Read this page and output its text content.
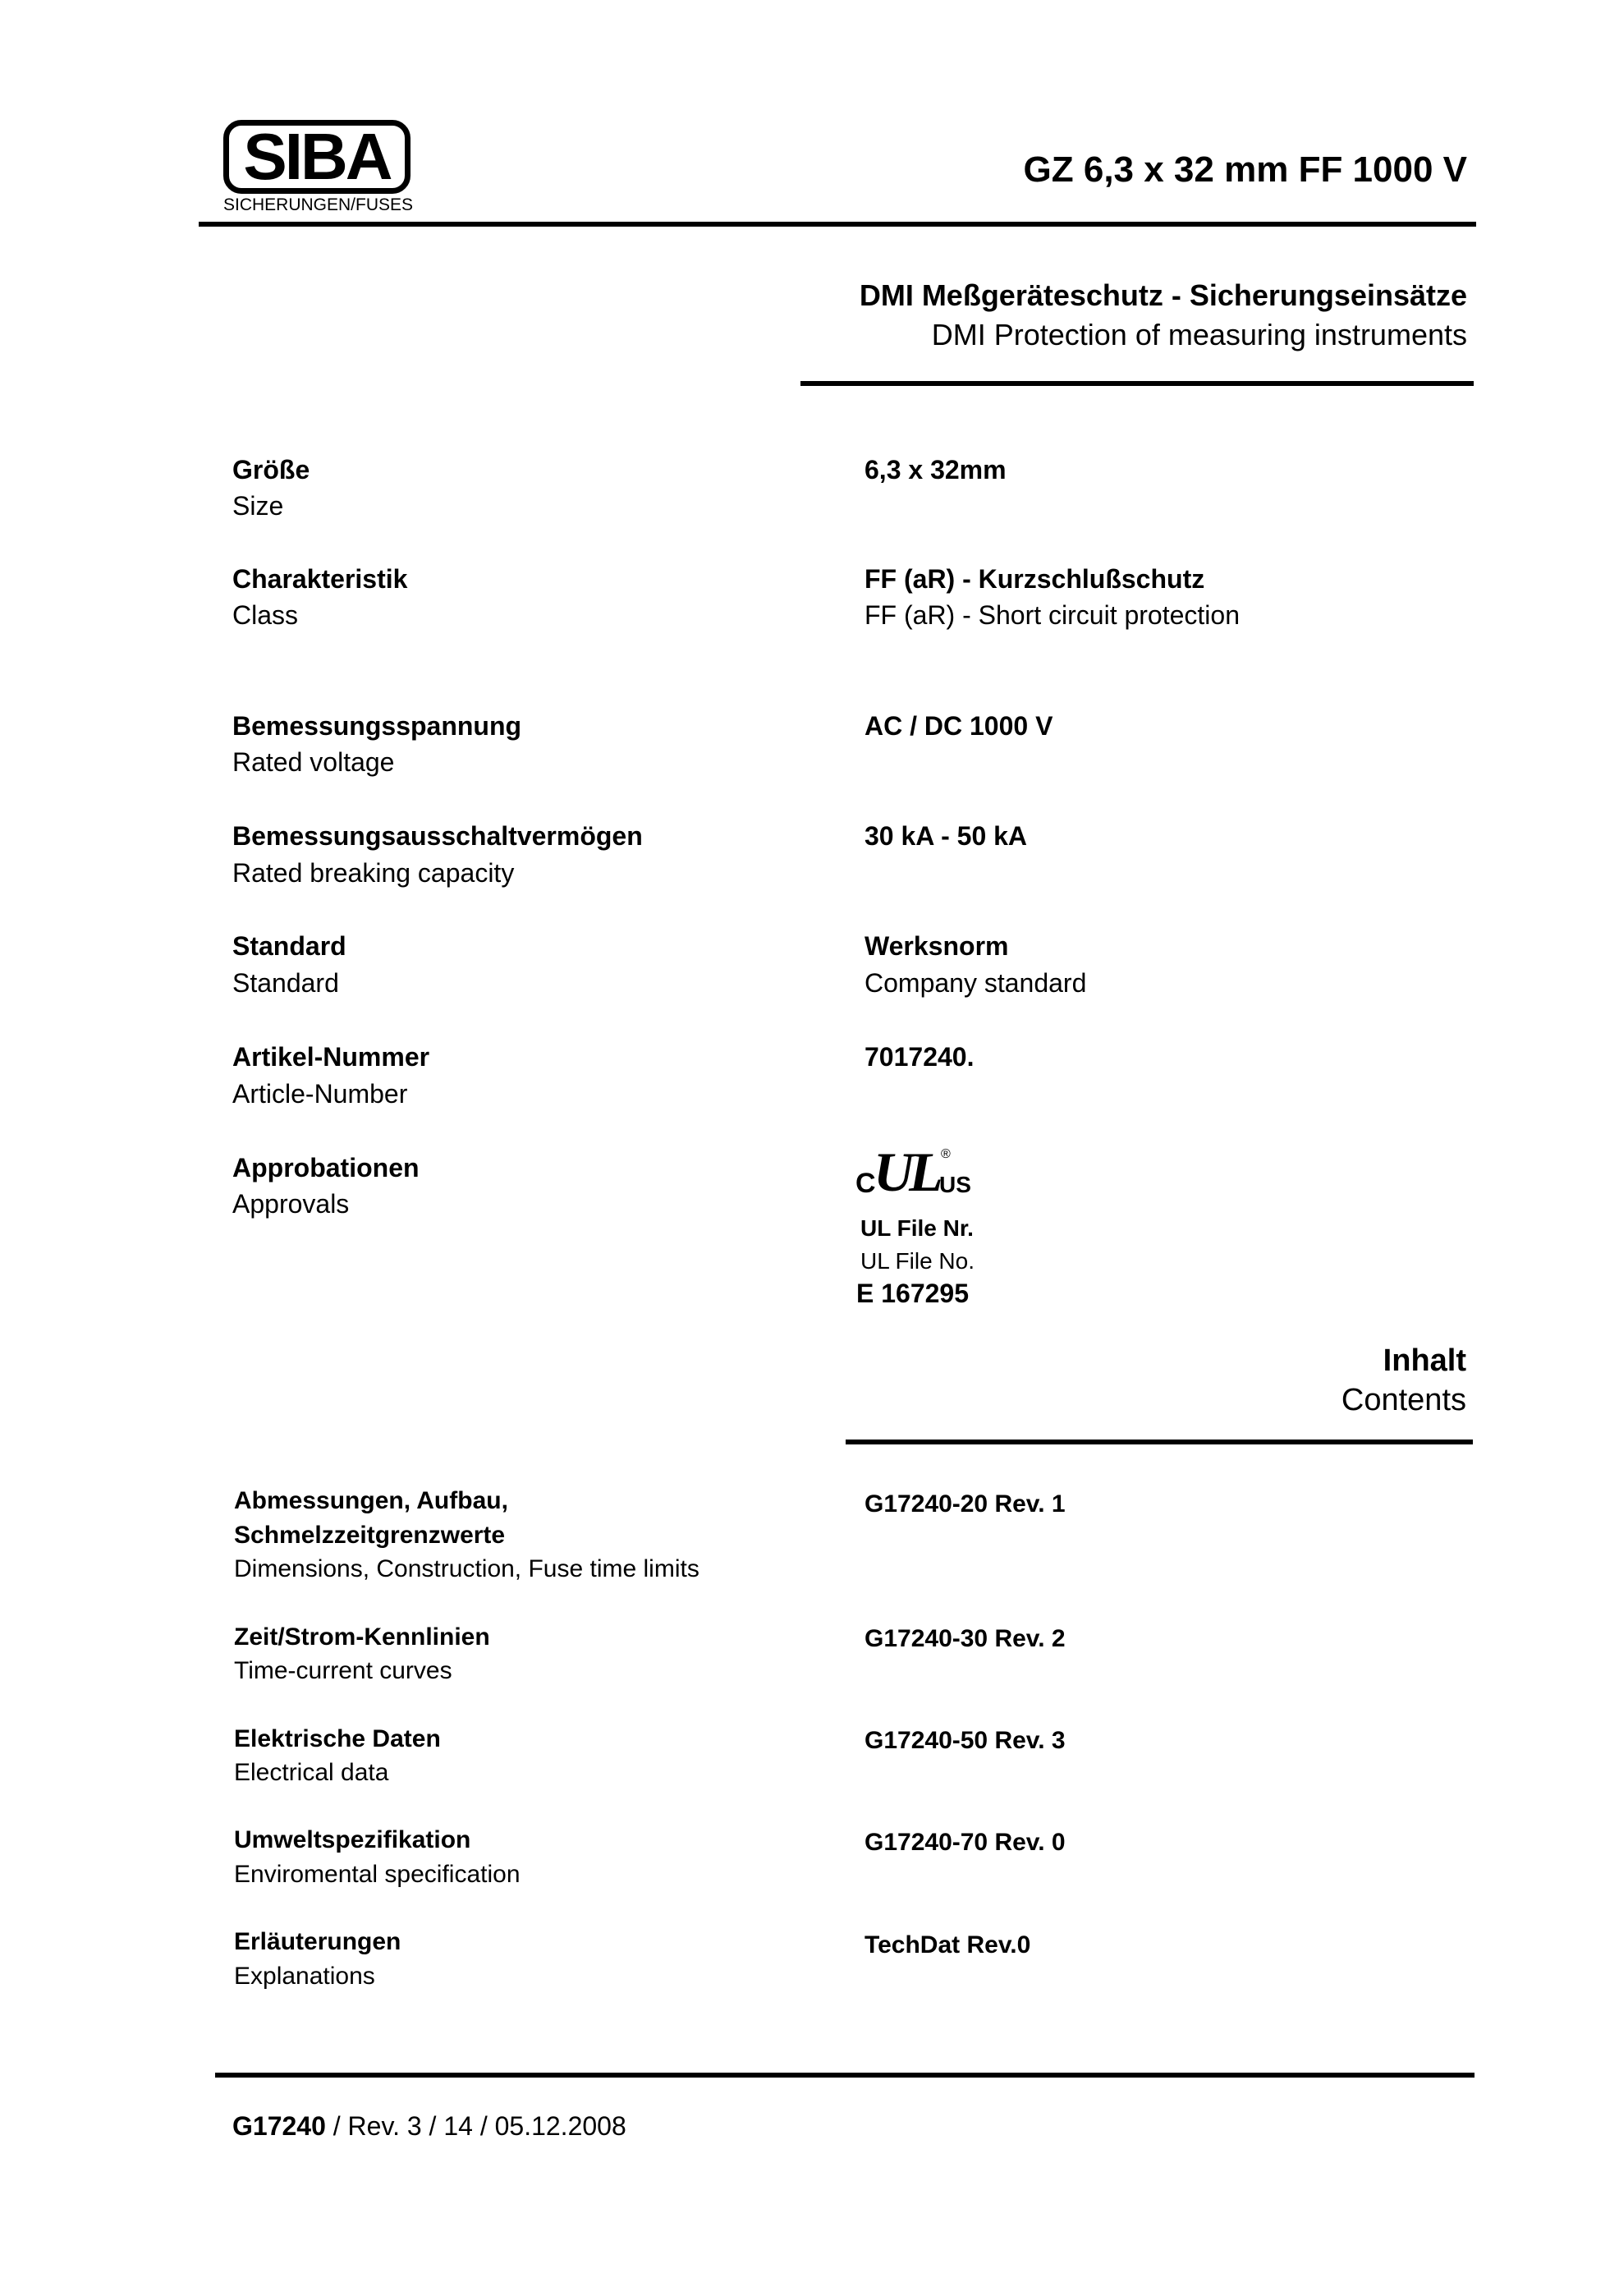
SIBA
SICHERUNGEN/FUSES
GZ 6,3 x 32 mm FF 1000 V
DMI Meßgeräteschutz - Sicherungseinsätze
DMI Protection of measuring instruments
Größe
Size
6,3 x 32mm
Charakteristik
Class
FF (aR) - Kurzschlußschutz
FF (aR) - Short circuit protection
Bemessungsspannung
Rated voltage
AC / DC 1000 V
Bemessungsausschaltvermögen
Rated breaking capacity
30 kA - 50 kA
Standard
Standard
Werksnorm
Company standard
Artikel-Nummer
Article-Number
7017240.
Approbationen
Approvals
C
UL US
®
UL File Nr.
UL File No.
E 167295
Inhalt
Contents
Abmessungen, Aufbau,
Schmelzzeitgrenzwerte
Dimensions, Construction, Fuse time limits
G17240-20 Rev. 1
Zeit/Strom-Kennlinien
Time-current curves
G17240-30 Rev. 2
Elektrische Daten
Electrical data
G17240-50 Rev. 3
Umweltspezifikation
Enviromental specification
G17240-70 Rev. 0
Erläuterungen
Explanations
TechDat Rev.0
G17240 / Rev. 3 / 14 / 05.12.2008
